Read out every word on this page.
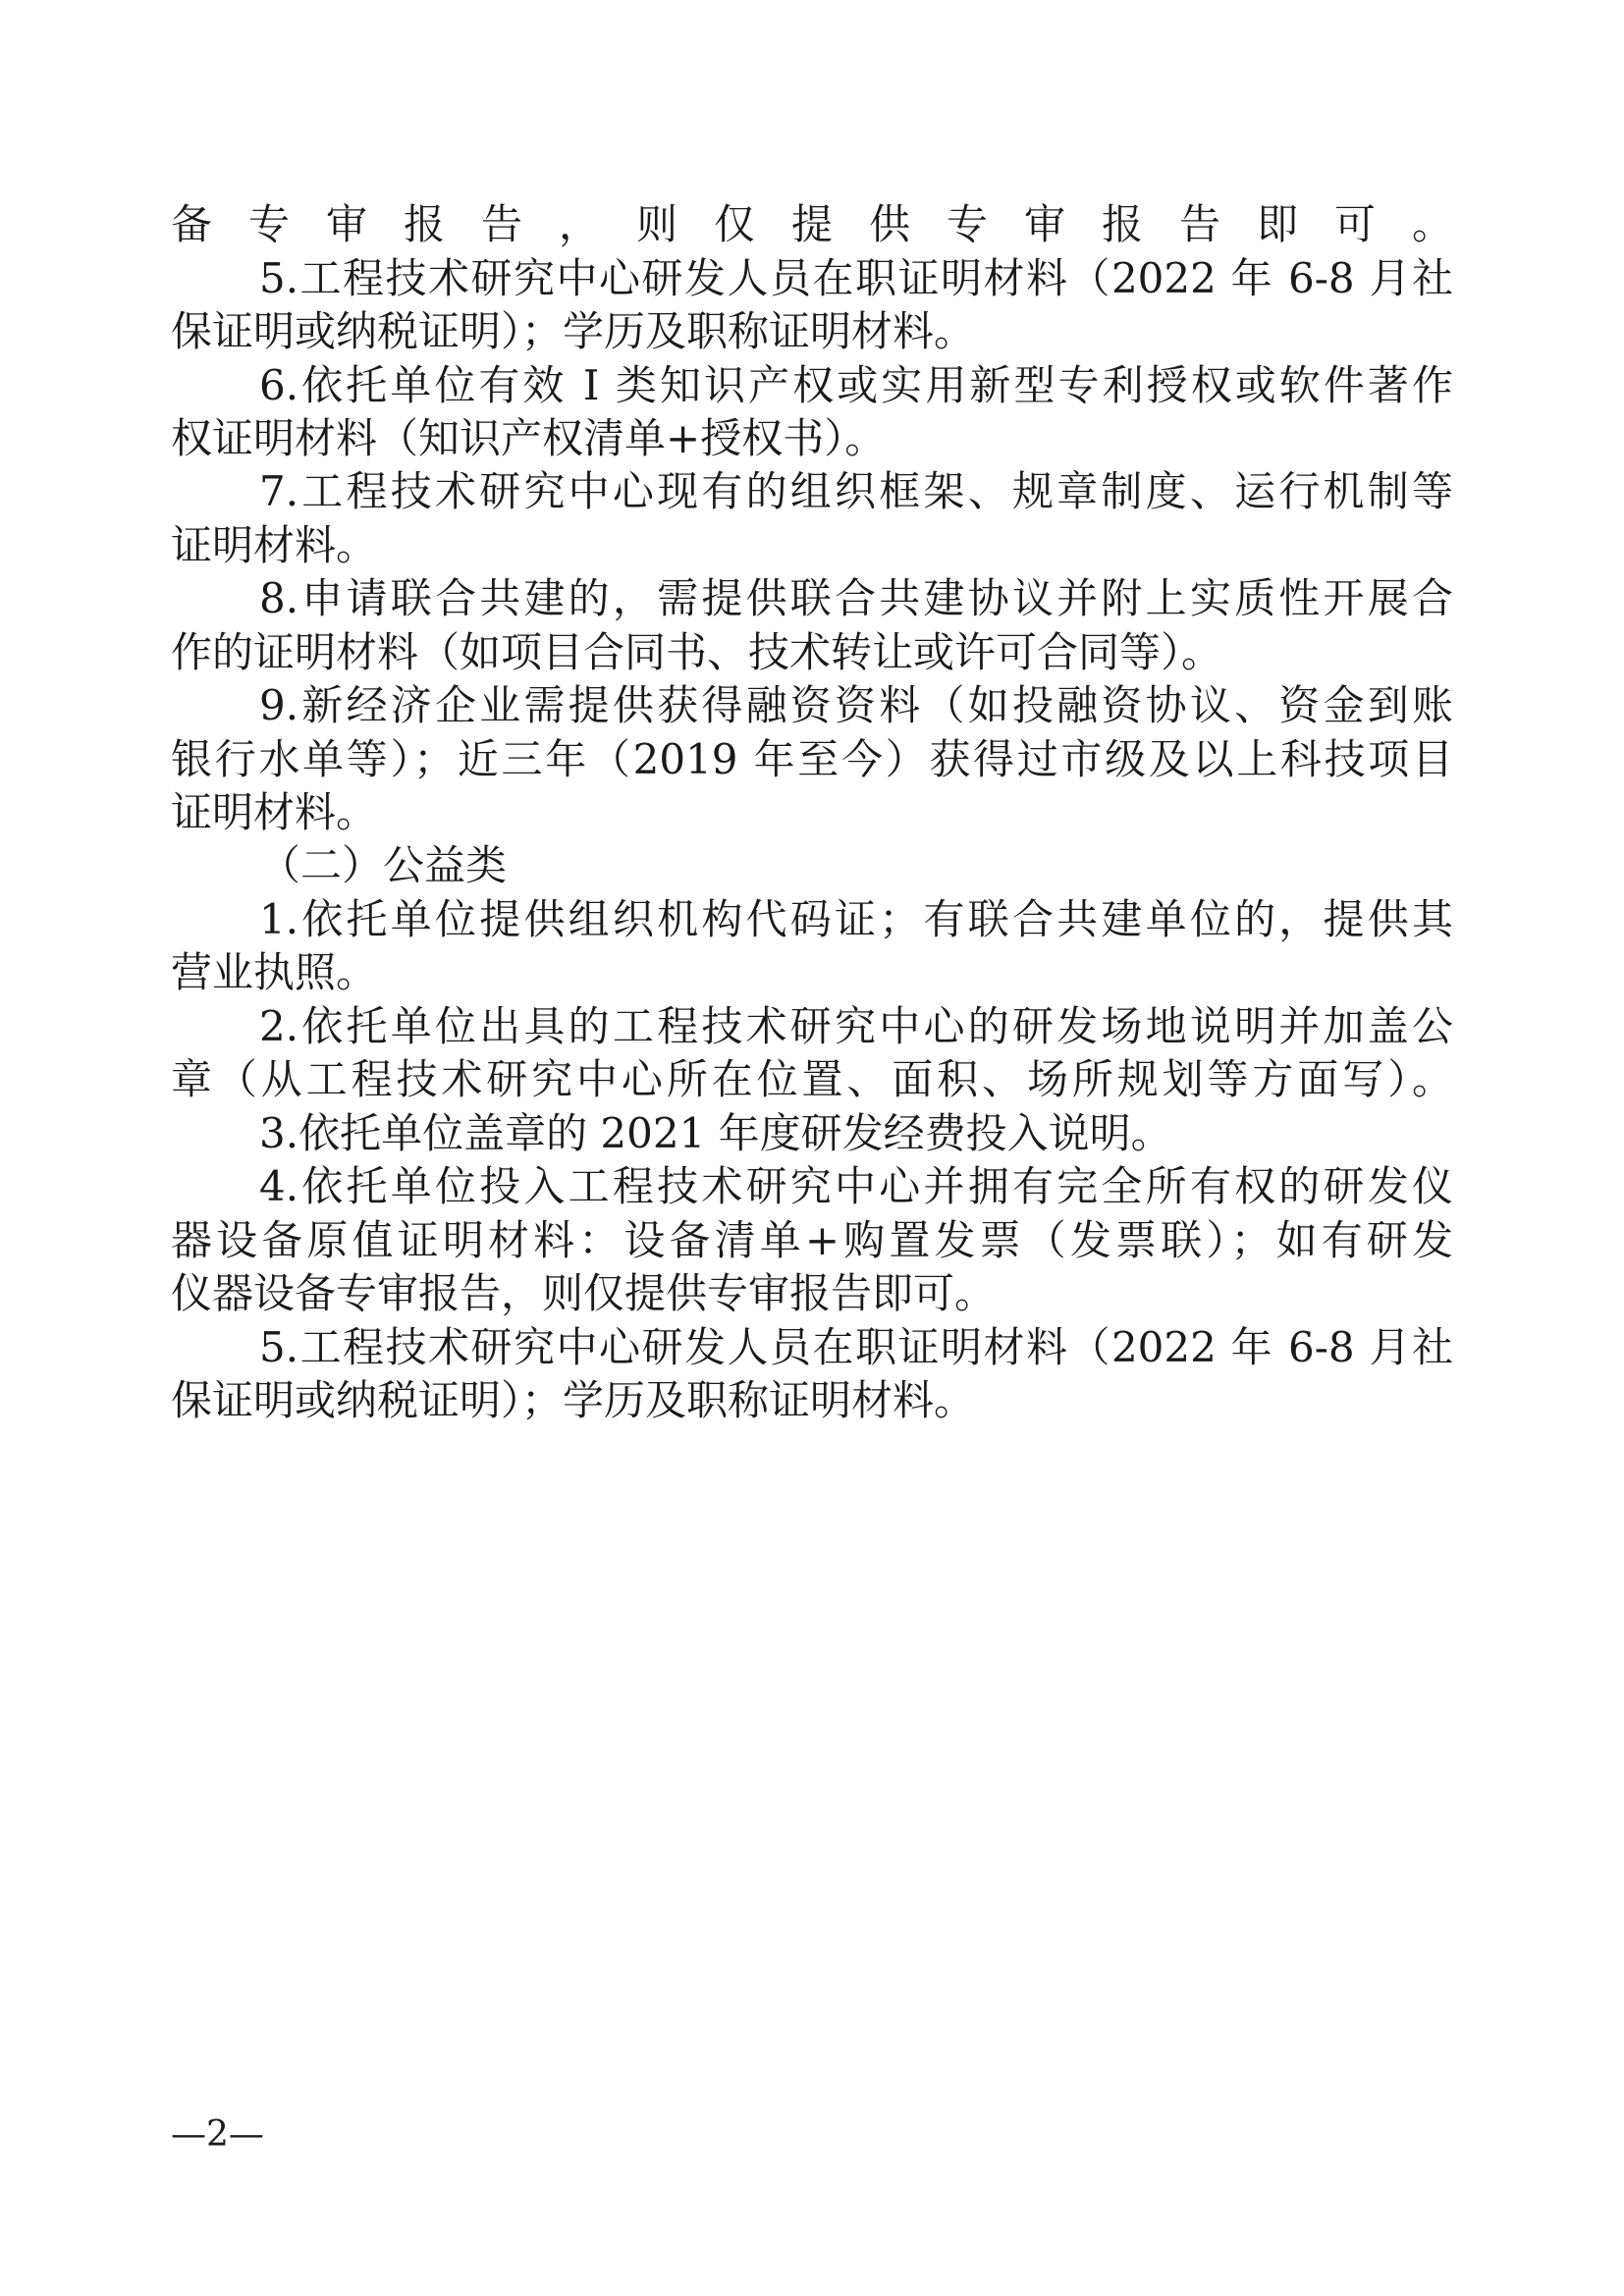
备专审报告，则仅提供专审报告即可。
5.工程技术研究中心研发人员在职证明材料（2022 年 6-8 月社
保证明或纳税证明）；学历及职称证明材料。
6.依托单位有效 I 类知识产权或实用新型专利授权或软件著作
权证明材料（知识产权清单+授权书）。
7.工程技术研究中心现有的组织框架、规章制度、运行机制等
证明材料。
8.申请联合共建的，需提供联合共建协议并附上实质性开展合
作的证明材料（如项目合同书、技术转让或许可合同等）。
9.新经济企业需提供获得融资资料（如投融资协议、资金到账
银行水单等）；近三年（2019 年至今）获得过市级及以上科技项目
证明材料。
（二）公益类
1.依托单位提供组织机构代码证；有联合共建单位的，提供其
营业执照。
2.依托单位出具的工程技术研究中心的研发场地说明并加盖公
章（从工程技术研究中心所在位置、面积、场所规划等方面写）。
3.依托单位盖章的 2021 年度研发经费投入说明。
4.依托单位投入工程技术研究中心并拥有完全所有权的研发仪
器设备原值证明材料：设备清单+购置发票（发票联）；如有研发
仪器设备专审报告，则仅提供专审报告即可。
5.工程技术研究中心研发人员在职证明材料（2022 年 6-8 月社
保证明或纳税证明）；学历及职称证明材料。
—2—
